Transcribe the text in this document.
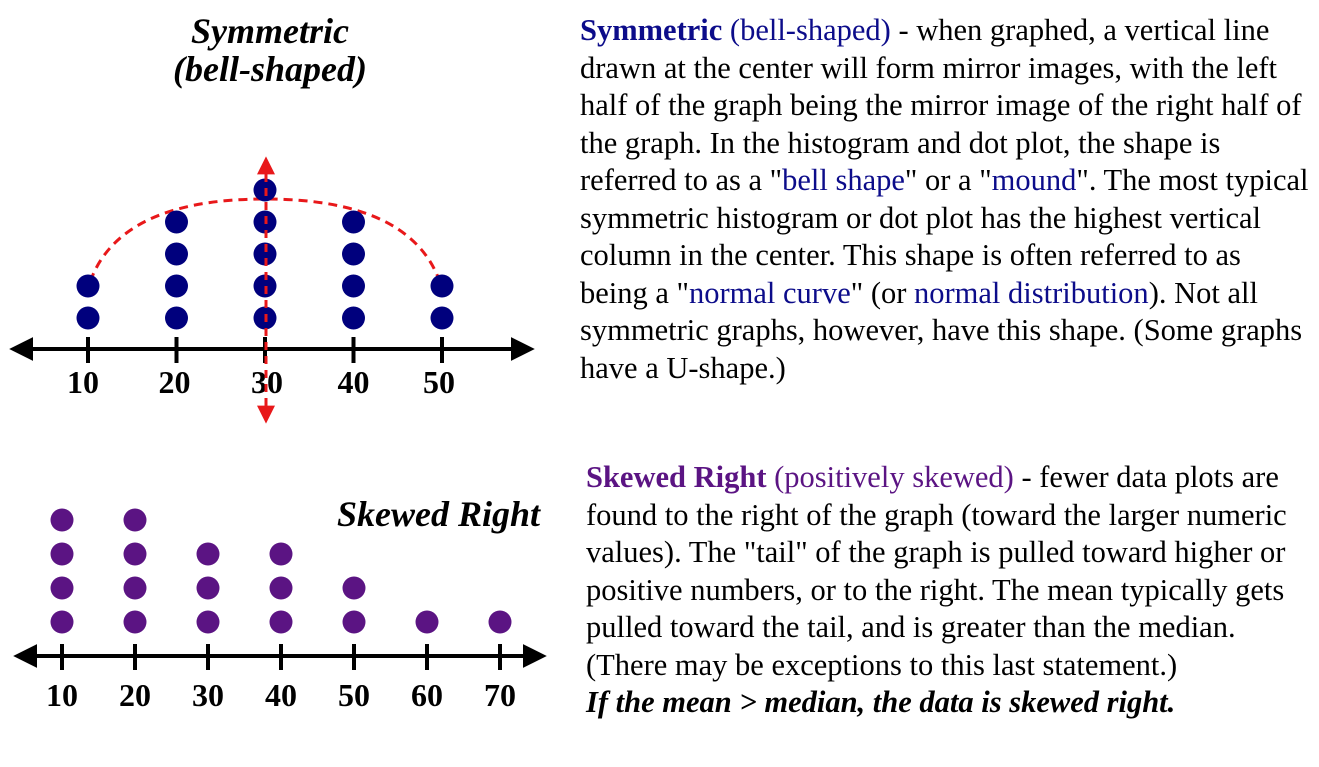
10 20 30 40 50
10 20 30 40 50 60 70
Symmetric
(bell-shaped)
Skewed Right
Symmetric (bell-shaped) - when graphed, a vertical line drawn at the center will form mirror images, with the left half of the graph being the mirror image of the right half of the graph. In the histogram and dot plot, the shape is referred to as a "bell shape" or a "mound". The most typical symmetric histogram or dot plot has the highest vertical column in the center. This shape is often referred to as being a "normal curve" (or normal distribution). Not all symmetric graphs, however, have this shape. (Some graphs have a U-shape.)
Skewed Right (positively skewed) - fewer data plots are found to the right of the graph (toward the larger numeric values). The "tail" of the graph is pulled toward higher or positive numbers, or to the right. The mean typically gets pulled toward the tail, and is greater than the median. (There may be exceptions to this last statement.)
If the mean > median, the data is skewed right.
